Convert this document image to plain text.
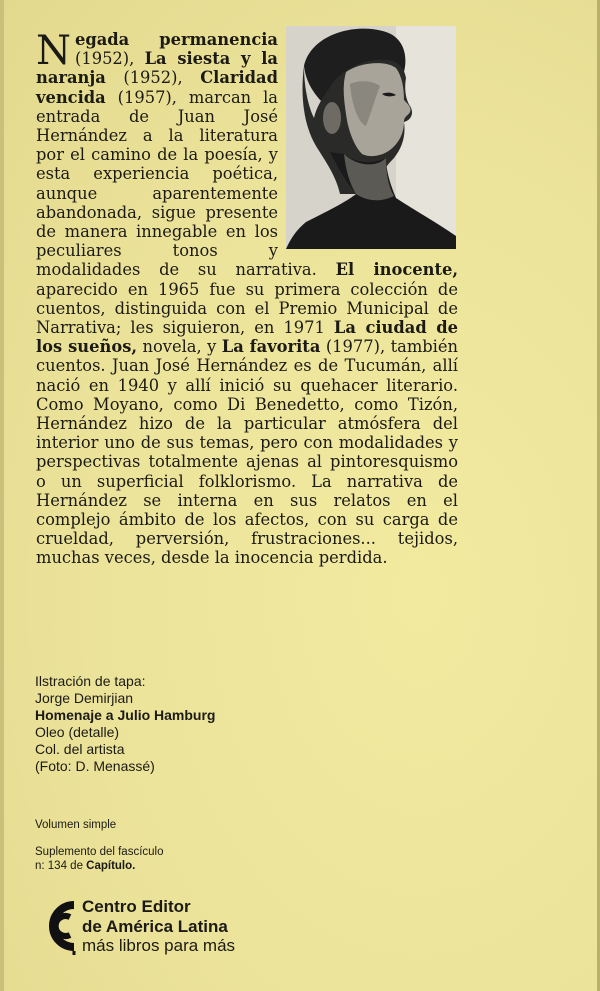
Negada permanencia (1952), La siesta y la naranja (1952), Claridad vencida (1957), marcan la entrada de Juan José Hernández a la literatura por el camino de la poesía, y esta experiencia poética, aunque aparentemente abandonada, sigue presente de manera innegable en los peculiares tonos y modalidades de su narrativa. El inocente, aparecido en 1965 fue su primera colección de cuentos, distinguida con el Premio Municipal de Narrativa; les siguieron, en 1971 La ciudad de los sueños, novela, y La favorita (1977), también cuentos. Juan José Hernández es de Tucumán, allí nació en 1940 y allí inició su quehacer literario. Como Moyano, como Di Benedetto, como Tizón, Hernández hizo de la particular atmósfera del interior uno de sus temas, pero con modalidades y perspectivas totalmente ajenas al pintoresquismo o un superficial folklorismo. La narrativa de Hernández se interna en sus relatos en el complejo ámbito de los afectos, con su carga de crueldad, perversión, frustraciones... tejidos, muchas veces, desde la inocencia perdida.

Ilstración de tapa:
Jorge Demirjian
Homenaje a Julio Hamburg
Oleo (detalle)
Col. del artista
(Foto: D. Menassé)
Volumen simple
Suplemento del fascículo
n: 134 de Capítulo.
Centro Editor
de América Latina
más libros para más
